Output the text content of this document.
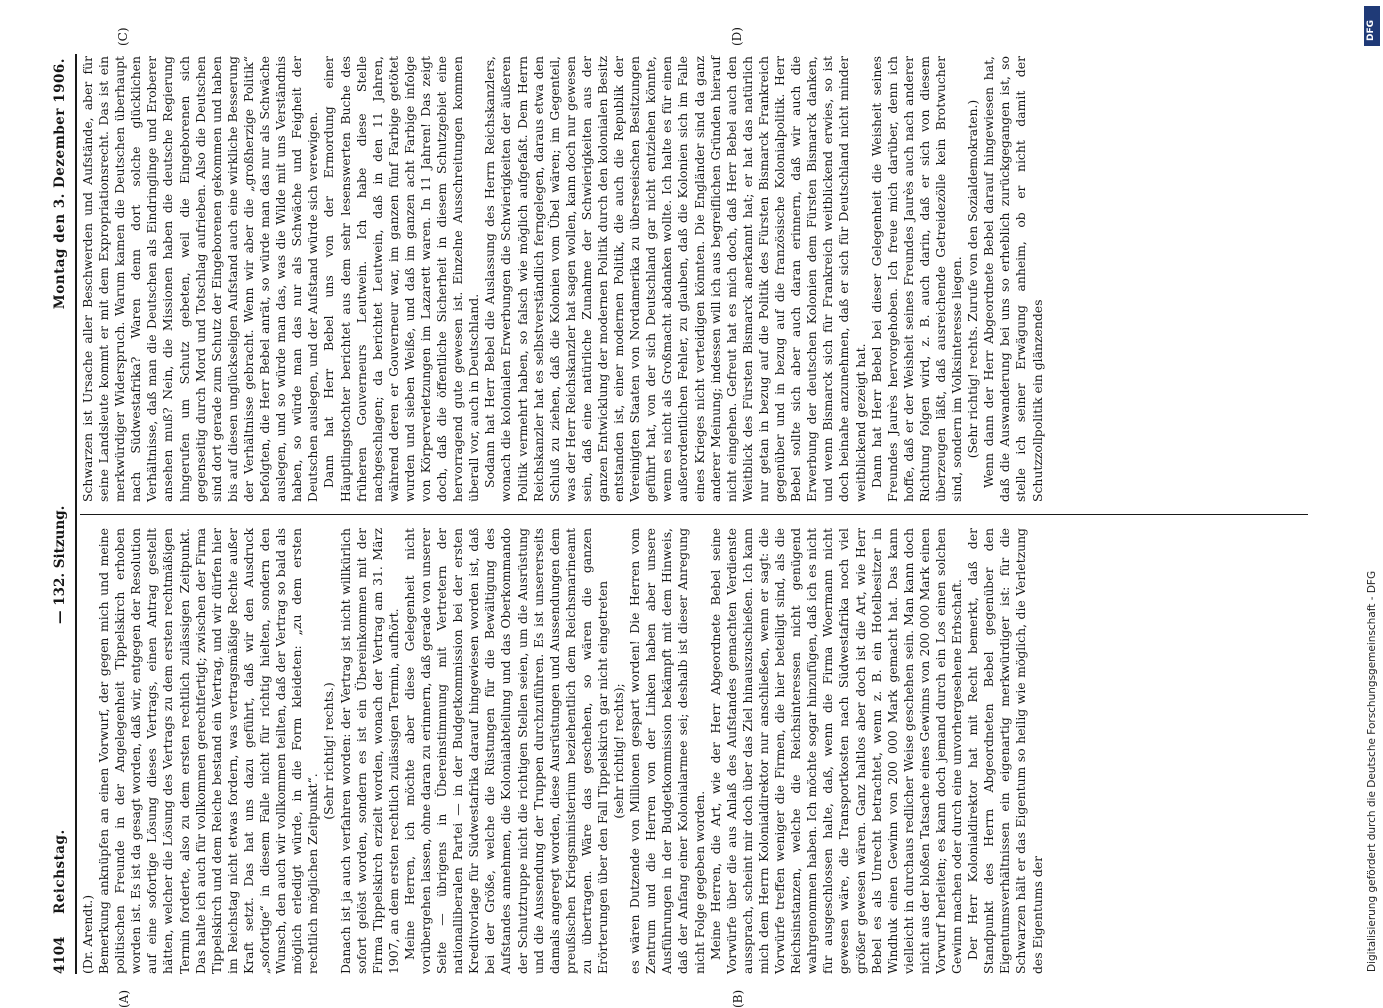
4104
Reichstag.
— 132. Sitzung.
Montag den 3. Dezember 1906.
(A)	(B)

(Dr. Arendt.) Bemerkung anknüpfen an einen Vorwurf, der gegen mich und meine politischen Freunde in der Angelegenheit Tippelskirch erhoben worden ist. Es ist da gesagt worden, daß wir, entgegen der Resolution auf eine sofortige Lösung dieses Vertrags, einen Antrag gestellt hätten, welcher die Lösung des Vertrags zu dem ersten rechtmäßigen Termin forderte, also zu dem ersten rechtlich zulässigen Zeitpunkt. Das halte ich auch für vollkommen gerechtfertigt; zwischen der Firma Tippelskirch und dem Reiche bestand ein Vertrag, und wir dürfen hier im Reichstag nicht etwas fordern, was vertragsmäßige Rechte außer Kraft setzt. Das hat uns dazu geführt, daß wir den Ausdruck „sofortige“ in diesem Falle nicht für richtig hielten, sondern den Wunsch, den auch wir vollkommen teilten, daß der Vertrag so bald als möglich erledigt würde, in die Form kleideten: „zu dem ersten rechtlich möglichen Zeitpunkt“.

(Sehr richtig! rechts.) Danach ist ja auch verfahren worden: der Vertrag ist nicht willkürlich sofort gelöst worden, sondern es ist ein Übereinkommen mit der Firma Tippelskirch erzielt worden, wonach der Vertrag am 31. März 1907, an dem ersten rechtlich zulässigen Termin, aufhört. Meine Herren, ich möchte aber diese Gelegenheit nicht vorübergehen lassen, ohne daran zu erinnern, daß gerade von unserer Seite — übrigens in Übereinstimmung mit Vertretern der nationalliberalen Partei — in der Budgetkommission bei der ersten Kreditvorlage für Südwestafrika darauf hingewiesen worden ist, daß bei der Größe, welche die Rüstungen für die Bewältigung des Aufstandes annehmen, die Kolonialabteilung und das Oberkommando der Schutztruppe nicht die richtigen Stellen seien, um die Ausrüstung und die Aussendung der Truppen durchzuführen. Es ist unsererseits damals angeregt worden, diese Ausrüstungen und Aussendungen dem preußischen Kriegsministerium beziehentlich dem Reichsmarineamt zu übertragen. Wäre das geschehen, so wären die ganzen Erörterungen über den Fall Tippelskirch gar nicht eingetreten (sehr richtig! rechts); es wären Dutzende von Millionen gespart worden! Die Herren vom Zentrum und die Herren von der Linken haben aber unsere Ausführungen in der Budgetkommission bekämpft mit dem Hinweis, daß der Anfang einer Kolonialarmee sei; deshalb ist dieser Anregung nicht Folge gegeben worden. Meine Herren, die Art, wie der Herr Abgeordnete Bebel seine Vorwürfe über die aus Anlaß des Aufstandes gemachten Verdienste aussprach, scheint mir doch über das Ziel hinauszuschießen. Ich kann mich dem Herrn Kolonialdirektor nur anschließen, wenn er sagt: die Vorwürfe treffen weniger die Firmen, die hier beteiligt sind, als die Reichsinstanzen, welche die Reichsinteressen nicht genügend wahrgenommen haben. Ich möchte sogar hinzufügen, daß ich es nicht für ausgeschlossen halte, daß, wenn die Firma Woermann nicht gewesen wäre, die Transportkosten nach Südwestafrika noch viel größer gewesen wären. Ganz haltlos aber doch ist die Art, wie Herr Bebel es als Unrecht betrachtet, wenn z. B. ein Hotelbesitzer in Windhuk einen Gewinn von 200 000 Mark gemacht hat. Das kann vielleicht in durchaus redlicher Weise geschehen sein. Man kann doch nicht aus der bloßen Tatsache eines Gewinns von 200 000 Mark einen Vorwurf herleiten; es kann doch jemand durch ein Los einen solchen Gewinn machen oder durch eine unvorhergesehene Erbschaft. Der Herr Kolonialdirektor hat mit Recht bemerkt, daß der Standpunkt des Herrn Abgeordneten Bebel gegenüber den Eigentumsverhältnissen ein eigenartig merkwürdiger ist: für die Schwarzen hält er das Eigentum so heilig wie möglich, die Verletzung des Eigentums der

Schwarzen ist Ursache aller Beschwerden und Aufstände, aber für seine Landsleute kommt er mit dem Expropriationsrecht. Das ist ein merkwürdiger Widerspruch. Warum kamen die Deutschen überhaupt nach Südwestafrika? Waren denn dort solche glücklichen Verhältnisse, daß man die Deutschen als Eindringlinge und Eroberer ansehen muß? Nein, die Missionen haben die deutsche Regierung hingerufen um Schutz gebeten, weil die Eingeborenen sich gegenseitig durch Mord und Totschlag aufrieben. Also die Deutschen sind dort gerade zum Schutz der Eingeborenen gekommen und haben bis auf diesen unglückseligen Aufstand auch eine wirkliche Besserung der Verhältnisse gebracht. Wenn wir aber die „großherzige Politik“ befolgten, die Herr Bebel anrät, so würde man das nur als Schwäche auslegen, und so würde man das, was die Wilde mit uns Verständnis haben, so würde man das nur als Schwäche und Feigheit der Deutschen auslegen, und der Aufstand würde sich verewigen. Dann hat Herr Bebel uns von der Ermordung einer Häuptlingstochter berichtet aus dem sehr lesenswerten Buche des früheren Gouverneurs Leutwein. Ich habe diese Stelle nachgeschlagen; da berichtet Leutwein, daß in den 11 Jahren, während deren er Gouverneur war, im ganzen fünf Farbige getötet wurden und sieben Weiße, und daß im ganzen acht Farbige infolge von Körperverletzungen im Lazarett waren. In 11 Jahren! Das zeigt doch, daß die öffentliche Sicherheit in diesem Schutzgebiet eine hervorragend gute gewesen ist. Einzelne Ausschreitungen kommen überall vor, auch in Deutschland. Sodann hat Herr Bebel die Auslassung des Herrn Reichskanzlers, wonach die kolonialen Erwerbungen die Schwierigkeiten der äußeren Politik vermehrt haben, so falsch wie möglich aufgefaßt. Dem Herrn Reichskanzler hat es selbstverständlich ferngelegen, daraus etwa den Schluß zu ziehen, daß die Kolonien vom Übel wären; im Gegenteil, was der Herr Reichskanzler hat sagen wollen, kann doch nur gewesen sein, daß eine natürliche Zunahme der Schwierigkeiten aus der ganzen Entwicklung der modernen Politik durch den kolonialen Besitz entstanden ist, einer modernen Politik, die auch die Republik der Vereinigten Staaten von Nordamerika zu überseeischen Besitzungen geführt hat, von der sich Deutschland gar nicht entziehen könnte, wenn es nicht als Großmacht abdanken wollte. Ich halte es für einen außerordentlichen Fehler, zu glauben, daß die Kolonien sich im Falle eines Krieges nicht verteidigen könnten. Die Engländer sind da ganz anderer Meinung; indessen will ich aus begreiflichen Gründen hierauf nicht eingehen. Gefreut hat es mich doch, daß Herr Bebel auch den Weitblick des Fürsten Bismarck anerkannt hat; er hat das natürlich nur getan in bezug auf die Politik des Fürsten Bismarck Frankreich gegenüber und in bezug auf die französische Kolonialpolitik. Herr Bebel sollte sich aber auch daran erinnern, daß wir auch die Erwerbung der deutschen Kolonien dem Fürsten Bismarck danken, und wenn Bismarck sich für Frankreich weitblickend erwies, so ist doch beinahe anzunehmen, daß er sich für Deutschland nicht minder weitblickend gezeigt hat. Dann hat Herr Bebel bei dieser Gelegenheit die Weisheit seines Freundes Jaurès hervorgehoben. Ich freue mich darüber, denn ich hoffe, daß er der Weisheit seines Freundes Jaurès auch nach anderer Richtung folgen wird, z. B. auch darin, daß er sich von diesem überzeugen läßt, daß ausreichende Getreidezölle kein Brotwucher sind, sondern im Volksinteresse liegen. (Sehr richtig! rechts. Zurufe von den Sozialdemokraten.) Wenn dann der Herr Abgeordnete Bebel darauf hingewiesen hat, daß die Auswanderung bei uns so erheblich zurückgegangen ist, so stelle ich seiner Erwägung anheim, ob er nicht damit der Schutzzollpolitik ein glänzendes

(C)	(D)	DFG
Digitalisierung gefördert durch die Deutsche Forschungsgemeinschaft - DFG
